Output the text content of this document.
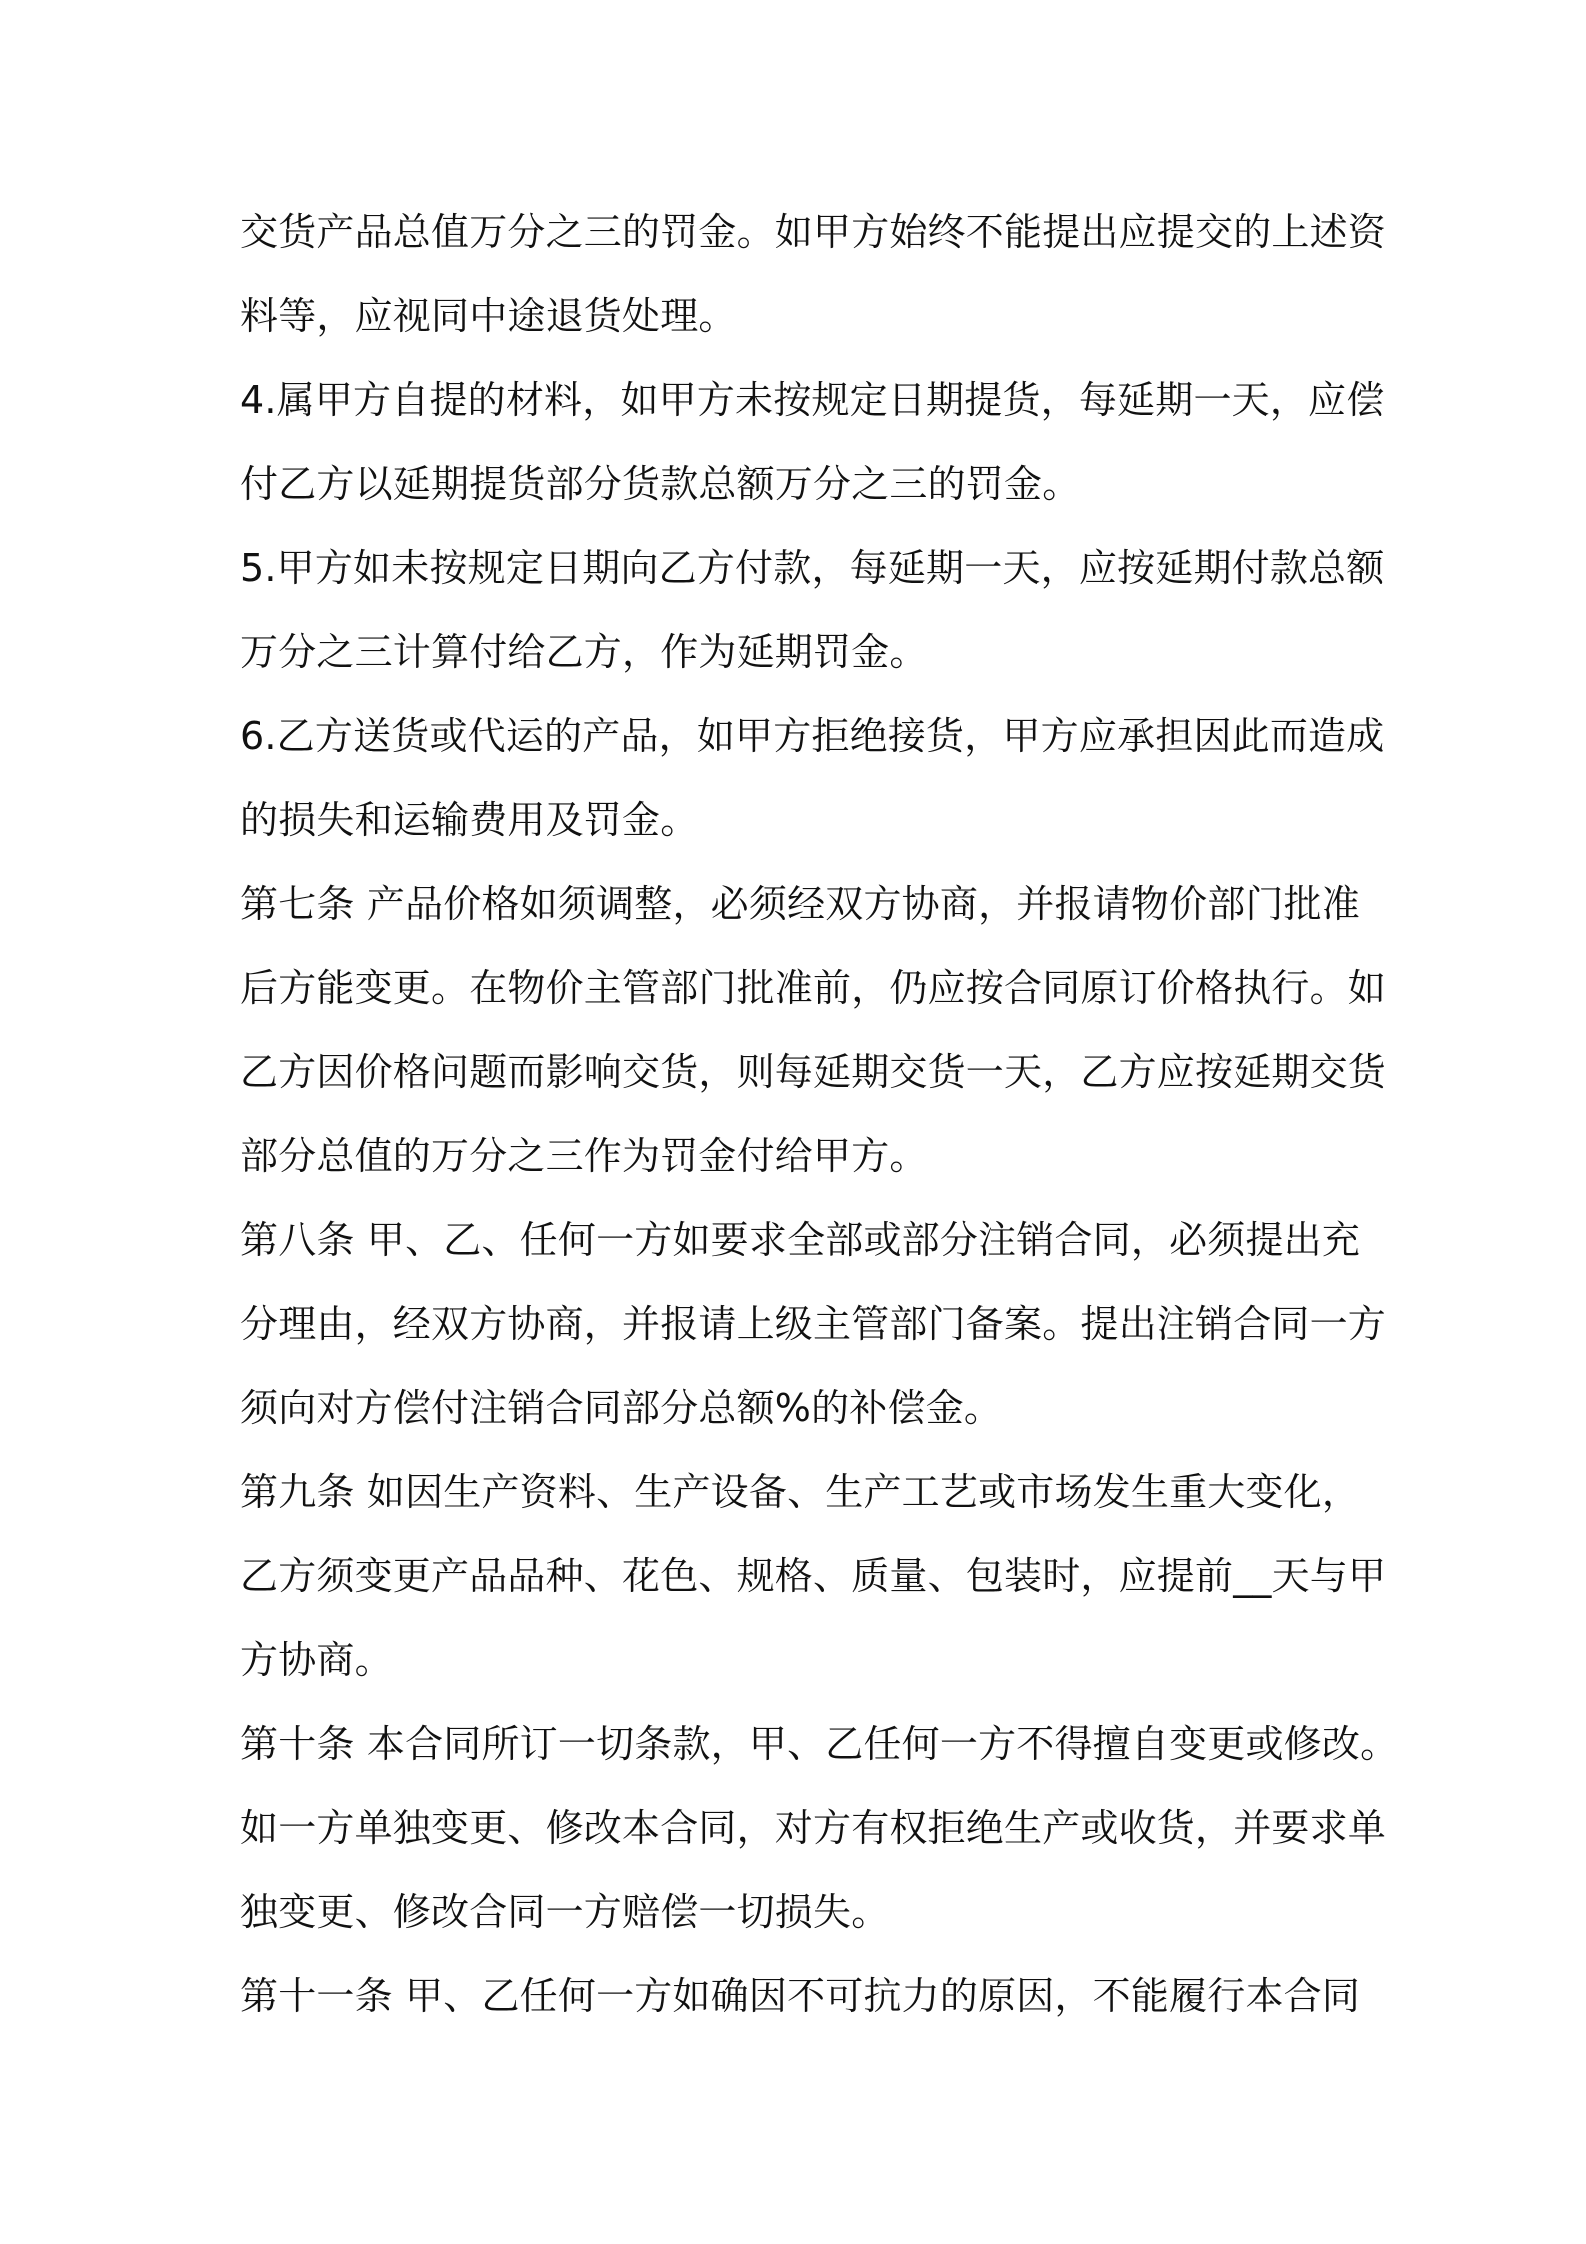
交货产品总值万分之三的罚金。如甲方始终不能提出应提交的上述资
料等，应视同中途退货处理。
4.属甲方自提的材料，如甲方未按规定日期提货，每延期一天，应偿
付乙方以延期提货部分货款总额万分之三的罚金。
5.甲方如未按规定日期向乙方付款，每延期一天，应按延期付款总额
万分之三计算付给乙方，作为延期罚金。
6.乙方送货或代运的产品，如甲方拒绝接货，甲方应承担因此而造成
的损失和运输费用及罚金。
第七条 产品价格如须调整，必须经双方协商，并报请物价部门批准
后方能变更。在物价主管部门批准前，仍应按合同原订价格执行。如
乙方因价格问题而影响交货，则每延期交货一天，乙方应按延期交货
部分总值的万分之三作为罚金付给甲方。
第八条 甲、乙、任何一方如要求全部或部分注销合同，必须提出充
分理由，经双方协商，并报请上级主管部门备案。提出注销合同一方
须向对方偿付注销合同部分总额%的补偿金。
第九条 如因生产资料、生产设备、生产工艺或市场发生重大变化，
乙方须变更产品品种、花色、规格、质量、包装时，应提前__天与甲
方协商。
第十条 本合同所订一切条款，甲、乙任何一方不得擅自变更或修改。
如一方单独变更、修改本合同，对方有权拒绝生产或收货，并要求单
独变更、修改合同一方赔偿一切损失。
第十一条 甲、乙任何一方如确因不可抗力的原因，不能履行本合同
